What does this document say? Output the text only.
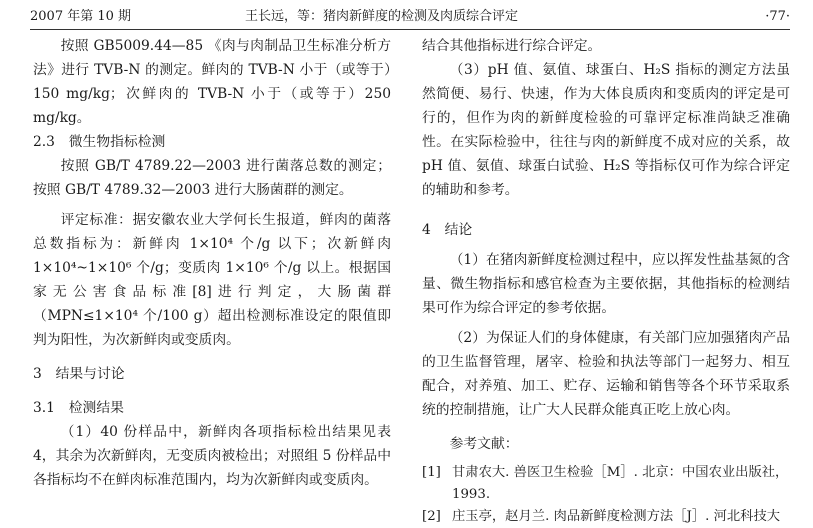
2007 年第 10 期	王长远，等：猪肉新鲜度的检测及肉质综合评定	·77·

按照 GB5009.44—85 《肉与肉制品卫生标准分析方法》进行 TVB-N 的测定。鲜肉的 TVB-N 小于（或等于）150 mg/kg；次鲜肉的 TVB-N 小于（或等于）250 mg/kg。

2.3　微生物指标检测

按照 GB/T 4789.22—2003 进行菌落总数的测定；按照 GB/T 4789.32—2003 进行大肠菌群的测定。

评定标准：据安徽农业大学何长生报道，鲜肉的菌落总数指标为：新鲜肉 1×10⁴ 个/g 以下；次新鲜肉 1×10⁴~1×10⁶ 个/g；变质肉 1×10⁶ 个/g 以上。根据国家无公害食品标准[8]进行判定，大肠菌群（MPN≤1×10⁴ 个/100 g）超出检测标准设定的限值即判为阳性，为次新鲜肉或变质肉。

3　结果与讨论

3.1　检测结果

（1）40 份样品中，新鲜肉各项指标检出结果见表 4，其余为次新鲜肉，无变质肉被检出；对照组 5 份样品中各指标均不在鲜肉标准范围内，均为次新鲜肉或变质肉。

结合其他指标进行综合评定。

（3）pH 值、氨值、球蛋白、H₂S 指标的测定方法虽然简便、易行、快速，作为大体良质肉和变质肉的评定是可行的，但作为肉的新鲜度检验的可靠评定标准尚缺乏准确性。在实际检验中，往往与肉的新鲜度不成对应的关系，故 pH 值、氨值、球蛋白试验、H₂S 等指标仅可作为综合评定的辅助和参考。

4　结论

（1）在猪肉新鲜度检测过程中，应以挥发性盐基氮的含量、微生物指标和感官检查为主要依据，其他指标的检测结果可作为综合评定的参考依据。

（2）为保证人们的身体健康，有关部门应加强猪肉产品的卫生监督管理，屠宰、检验和执法等部门一起努力、相互配合，对养殖、加工、贮存、运输和销售等各个环节采取系统的控制措施，让广大人民群众能真正吃上放心肉。

参考文献：

[1] 甘肃农大. 兽医卫生检验［M］. 北京：中国农业出版社，1993.
[2] 庄玉亭，赵月兰. 肉品新鲜度检测方法［J］. 河北科技大
